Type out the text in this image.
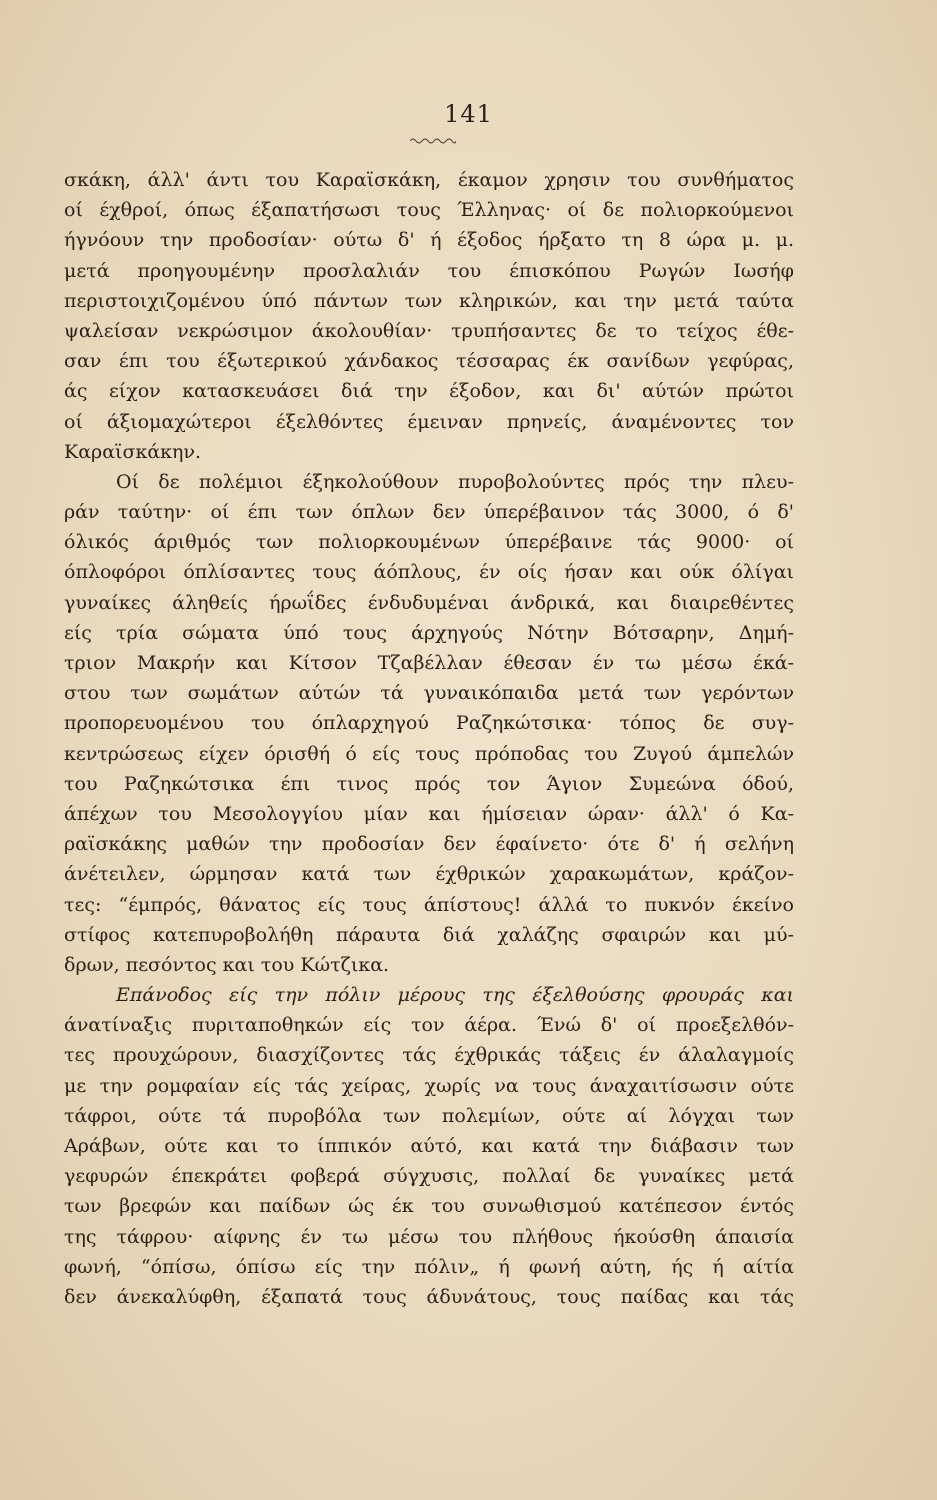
141
σκάκη, άλλ' άντι του Καραϊσκάκη, έκαμον χρησιν του συνθήματος
οί έχθροί, όπως έξαπατήσωσι τους Έλληνας· οί δε πολιορκούμενοι
ήγνόουν την προδοσίαν· ούτω δ' ή έξοδος ήρξατο τη 8 ώρα μ. μ.
μετά προηγουμένην προσλαλιάν του έπισκόπου Ρωγών Ιωσήφ
περιστοιχιζομένου ύπό πάντων των κληρικών, και την μετά ταύτα
ψαλείσαν νεκρώσιμον άκολουθίαν· τρυπήσαντες δε το τείχος έθε-
σαν έπι του έξωτερικού χάνδακος τέσσαρας έκ σανίδων γεφύρας,
άς είχον κατασκευάσει διά την έξοδον, και δι' αύτών πρώτοι
οί άξιομαχώτεροι έξελθόντες έμειναν πρηνείς, άναμένοντες τον
Καραϊσκάκην.
Οί δε πολέμιοι έξηκολούθουν πυροβολούντες πρός την πλευ-
ράν ταύτην· οί έπι των όπλων δεν ύπερέβαινον τάς 3000, ό δ'
όλικός άριθμός των πολιορκουμένων ύπερέβαινε τάς 9000· οί
όπλοφόροι όπλίσαντες τους άόπλους, έν οίς ήσαν και ούκ όλίγαι
γυναίκες άληθείς ήρωΐδες ένδυδυμέναι άνδρικά, και διαιρεθέντες
είς τρία σώματα ύπό τους άρχηγούς Νότην Βότσαρην, Δημή-
τριον Μακρήν και Κίτσον Τζαβέλλαν έθεσαν έν τω μέσω έκά-
στου των σωμάτων αύτών τά γυναικόπαιδα μετά των γερόντων
προπορευομένου του όπλαρχηγού Ραζηκώτσικα· τόπος δε συγ-
κεντρώσεως είχεν όρισθή ό είς τους πρόποδας του Ζυγού άμπελών
του Ραζηκώτσικα έπι τινος πρός τον Άγιον Συμεώνα όδού,
άπέχων του Μεσολογγίου μίαν και ήμίσειαν ώραν· άλλ' ό Κα-
ραϊσκάκης μαθών την προδοσίαν δεν έφαίνετο· ότε δ' ή σελήνη
άνέτειλεν, ώρμησαν κατά των έχθρικών χαρακωμάτων, κράζον-
τες: “έμπρός, θάνατος είς τους άπίστους! άλλά το πυκνόν έκείνο
στίφος κατεπυροβολήθη πάραυτα διά χαλάζης σφαιρών και μύ-
δρων, πεσόντος και του Κώτζικα.
Επάνοδος είς την πόλιν μέρους της έξελθούσης φρουράς και
άνατίναξις πυριταποθηκών είς τον άέρα. Ένώ δ' οί προεξελθόν-
τες προυχώρουν, διασχίζοντες τάς έχθρικάς τάξεις έν άλαλαγμοίς
με την ρομφαίαν είς τάς χείρας, χωρίς να τους άναχαιτίσωσιν ούτε
τάφροι, ούτε τά πυροβόλα των πολεμίων, ούτε αί λόγχαι των
Αράβων, ούτε και το ίππικόν αύτό, και κατά την διάβασιν των
γεφυρών έπεκράτει φοβερά σύγχυσις, πολλαί δε γυναίκες μετά
των βρεφών και παίδων ώς έκ του συνωθισμού κατέπεσον έντός
της τάφρου· αίφνης έν τω μέσω του πλήθους ήκούσθη άπαισία
φωνή, “όπίσω, όπίσω είς την πόλιν„ ή φωνή αύτη, ής ή αίτία
δεν άνεκαλύφθη, έξαπατά τους άδυνάτους, τους παίδας και τάς
